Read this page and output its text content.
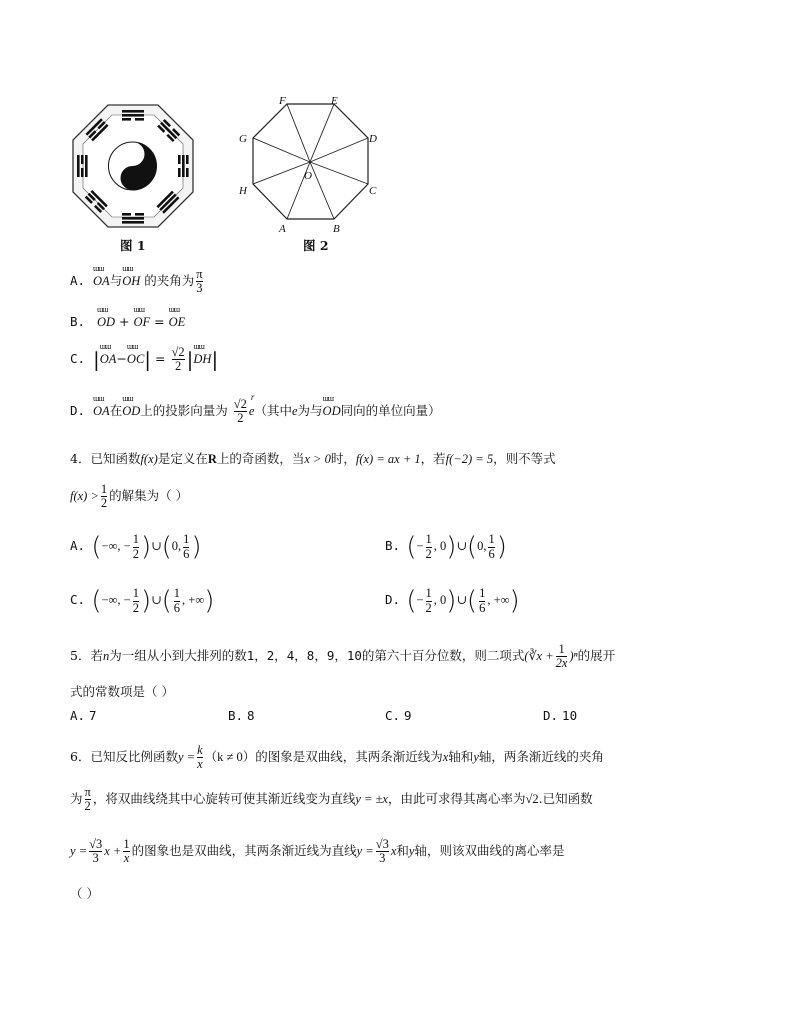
图 1
F	E
D
C
B
A
H
G
O
图 2
A. ɯɯ OA与ɯɯ OH 的夹角为 $\frac{\pi}{3}$
B. ɯɯ OD + ɯɯ OF = ɯɯ OE
C. |ɯɯ OA−ɯɯ $OC| = \frac{√2}{2}$ |ɯɯ DH|
D. ɯɯ OA在ɯɯ OD上的投影向量为 $\frac{√2}{2}$ e
r
（其中e为与ɯɯ OD同向的单位向量）
4．已知函数f(x)是定义在R上的奇函数，当x > 0时，f(x) = ax + 1，若f(−2) = 5，则不等式
$f(x) > \frac{1}{2}$ 的解集为（ ）
A. (−∞, − $\frac{1}{2}$ )∪(0, $\frac{1}{6}$ )	B. (− $\frac{1}{2}$ , 0)∪(0, $\frac{1}{6}$ )
C. (−∞, − $\frac{1}{2}$ )∪( $\frac{1}{6}$ , +∞)	D. (− $\frac{1}{2}$ , 0)∪( $\frac{1}{6}$ , +∞)
5．若n为一组从小到大排列的数1，2，4，8，9，10的第六十百分位数，则二项式(∛x + $\frac{1}{2x} )^n$的展开
式的常数项是（ ）
A. 7	B. 8	C. 9	D. 10
6．已知反比例函数$y = \frac{k}{x} (k \ne 0)$的图象是双曲线，其两条渐近线为x轴和y轴，两条渐近线的夹角
为 $\frac{\pi}{2}$ ，将双曲线绕其中心旋转可使其渐近线变为直线y = ±x，由此可求得其离心率为√2.已知函数
$y = \frac{√3}{3}$ $x + \frac{1}{x}$ 的图象也是双曲线，其两条渐近线为直线$y = \frac{√3}{3}$ x和y轴，则该双曲线的离心率是
（ ）
